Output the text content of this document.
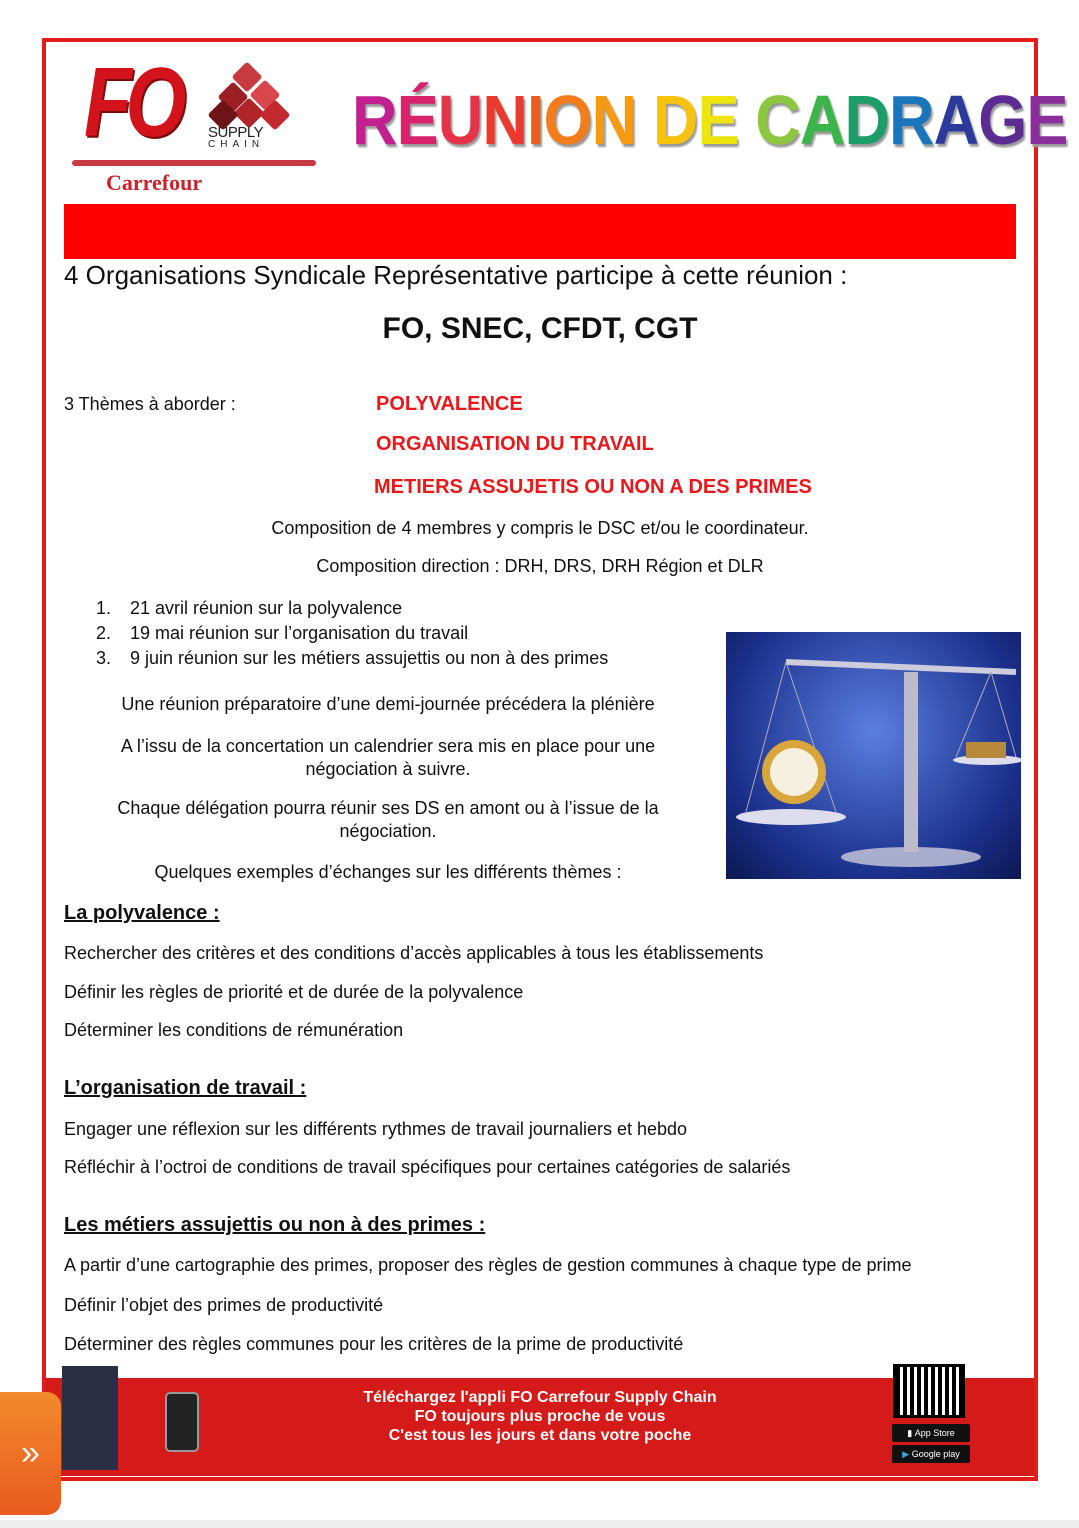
FO SUPPLY
CHAIN
Carrefour
RÉUNION DE CADRAGE
4 Organisations Syndicale Représentative participe à cette réunion :
FO, SNEC, CFDT, CGT
3 Thèmes à aborder :	POLYVALENCE
ORGANISATION DU TRAVAIL
METIERS ASSUJETIS OU NON A DES PRIMES
Composition de 4 membres y compris le DSC et/ou le coordinateur.
Composition direction : DRH, DRS, DRH Région et DLR
1. 21 avril réunion sur la polyvalence
2. 19 mai réunion sur l’organisation du travail
3. 9 juin réunion sur les métiers assujettis ou non à des primes
Une réunion préparatoire d’une demi-journée précédera la plénière
A l’issu de la concertation un calendrier sera mis en place pour une
négociation à suivre.
Chaque délégation pourra réunir ses DS en amont ou à l’issue de la
négociation.
Quelques exemples d’échanges sur les différents thèmes :
La polyvalence :
Rechercher des critères et des conditions d’accès applicables à tous les établissements
Définir les règles de priorité et de durée de la polyvalence
Déterminer les conditions de rémunération
L’organisation de travail :
Engager une réflexion sur les différents rythmes de travail journaliers et hebdo
Réfléchir à l’octroi de conditions de travail spécifiques pour certaines catégories de salariés
Les métiers assujettis ou non à des primes :
A partir d’une cartographie des primes, proposer des règles de gestion communes à chaque type de prime
Définir l’objet des primes de productivité
Déterminer des règles communes pour les critères de la prime de productivité
Téléchargez l'appli FO Carrefour Supply Chain
FO toujours plus proche de vous
C'est tous les jours et dans votre poche	▮ App Store
▶ Google play
»
